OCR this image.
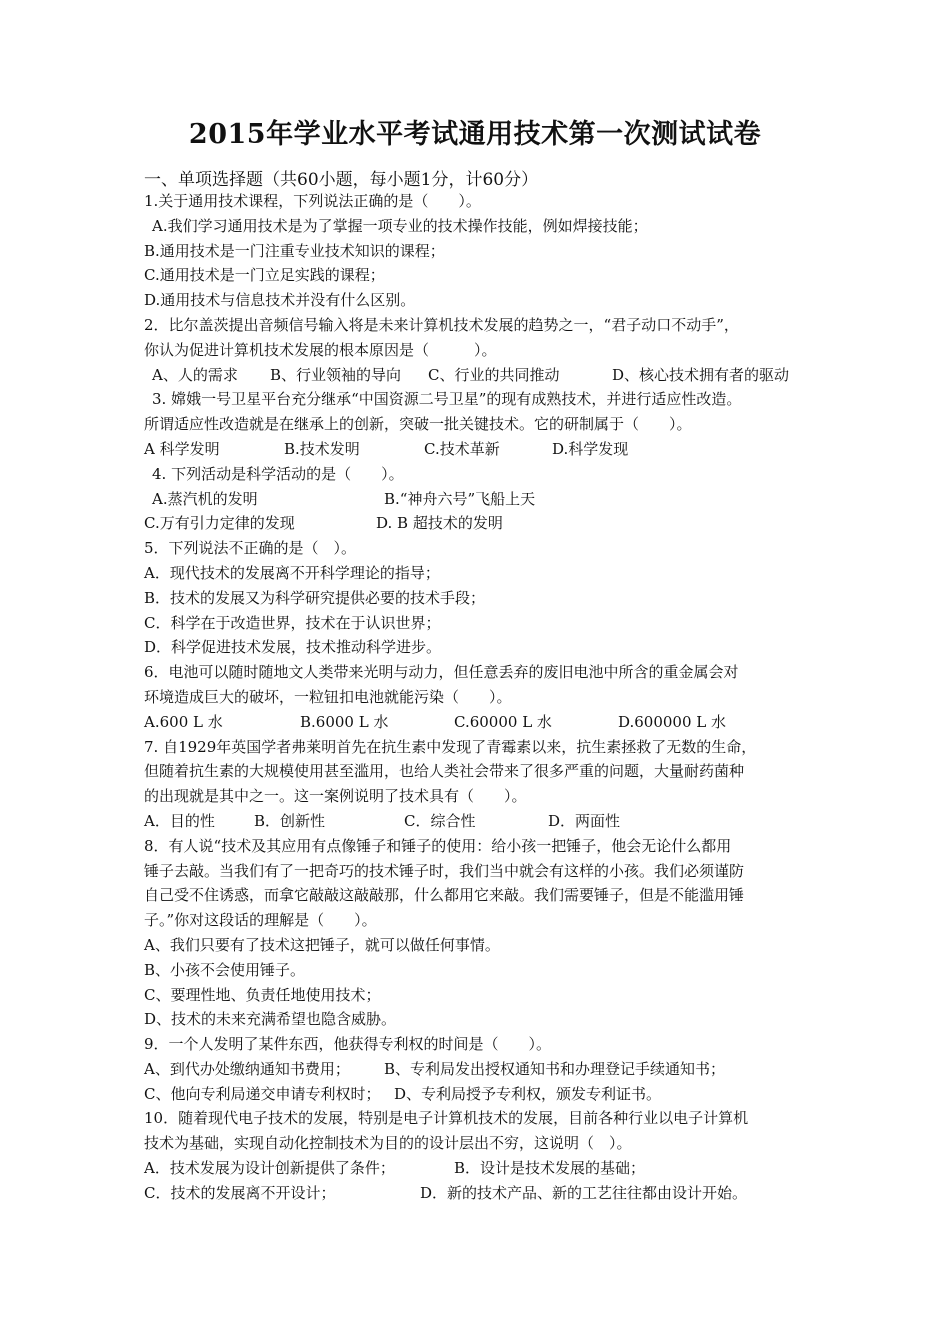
2015年学业水平考试通用技术第一次测试试卷
一、单项选择题（共60小题，每小题1分，计60分）
1.关于通用技术课程，下列说法正确的是（　　）。
A.我们学习通用技术是为了掌握一项专业的技术操作技能，例如焊接技能；
B.通用技术是一门注重专业技术知识的课程；
C.通用技术是一门立足实践的课程；
D.通用技术与信息技术并没有什么区别。
2．比尔盖茨提出音频信号输入将是未来计算机技术发展的趋势之一，“君子动口不动手”，
你认为促进计算机技术发展的根本原因是（　　　）。
A、人的需求	B、行业领袖的导向	C、行业的共同推动	D、核心技术拥有者的驱动
3. 嫦娥一号卫星平台充分继承“中国资源二号卫星”的现有成熟技术，并进行适应性改造。
所谓适应性改造就是在继承上的创新，突破一批关键技术。它的研制属于（　　）。
A 科学发明	B.技术发明	C.技术革新	D.科学发现
4. 下列活动是科学活动的是（　　）。
A.蒸汽机的发明	B.“神舟六号”飞船上天
C.万有引力定律的发现	D. B 超技术的发明
5．下列说法不正确的是（　）。
A．现代技术的发展离不开科学理论的指导；
B．技术的发展又为科学研究提供必要的技术手段；
C．科学在于改造世界，技术在于认识世界；
D．科学促进技术发展，技术推动科学进步。
6．电池可以随时随地文人类带来光明与动力，但任意丢弃的废旧电池中所含的重金属会对
环境造成巨大的破坏，一粒钮扣电池就能污染（　　）。
A.600 L 水	B.6000 L 水	C.60000 L 水	D.600000 L 水
7. 自1929年英国学者弗莱明首先在抗生素中发现了青霉素以来，抗生素拯救了无数的生命，
但随着抗生素的大规模使用甚至滥用，也给人类社会带来了很多严重的问题，大量耐药菌种
的出现就是其中之一。这一案例说明了技术具有（　　）。
A．目的性	B．创新性	C．综合性	D．两面性
8．有人说“技术及其应用有点像锤子和锤子的使用：给小孩一把锤子，他会无论什么都用
锤子去敲。当我们有了一把奇巧的技术锤子时，我们当中就会有这样的小孩。我们必须谨防
自己受不住诱惑，而拿它敲敲这敲敲那，什么都用它来敲。我们需要锤子，但是不能滥用锤
子。”你对这段话的理解是（　　）。
A、我们只要有了技术这把锤子，就可以做任何事情。
B、小孩不会使用锤子。
C、要理性地、负责任地使用技术；
D、技术的未来充满希望也隐含威胁。
9．一个人发明了某件东西，他获得专利权的时间是（　　）。
A、到代办处缴纳通知书费用；	B、专利局发出授权通知书和办理登记手续通知书；
C、他向专利局递交申请专利权时； D、专利局授予专利权，颁发专利证书。
10．随着现代电子技术的发展，特别是电子计算机技术的发展，目前各种行业以电子计算机
技术为基础，实现自动化控制技术为目的的设计层出不穷，这说明（　）。
A．技术发展为设计创新提供了条件；	B．设计是技术发展的基础；
C．技术的发展离不开设计；	D．新的技术产品、新的工艺往往都由设计开始。
